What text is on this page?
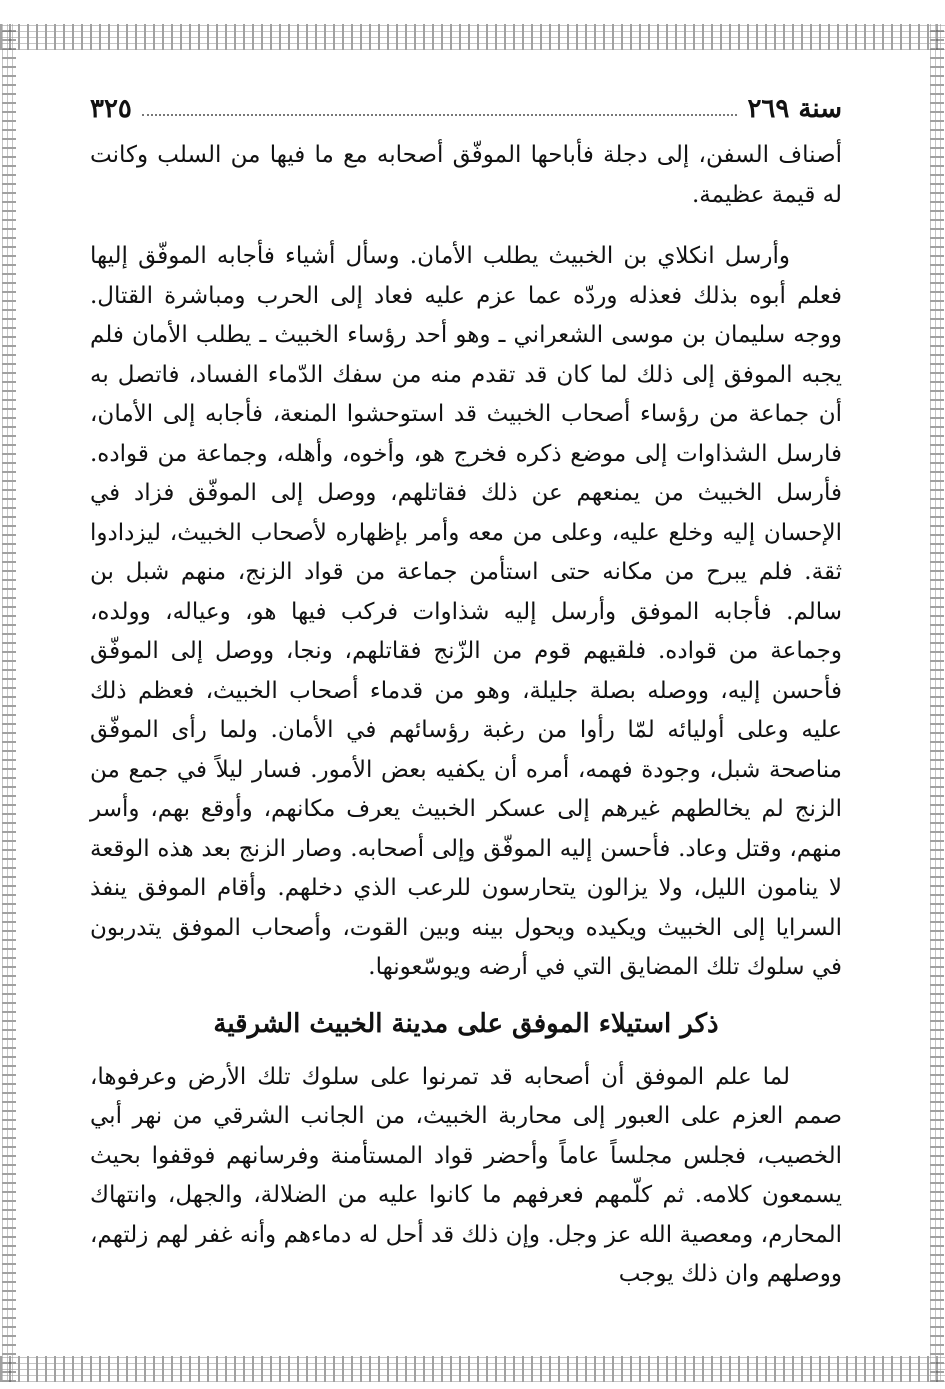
سنة ٢٦٩
٣٢٥

أصناف السفن، إلى دجلة فأباحها الموفّق أصحابه مع ما فيها من السلب وكانت له قيمة عظيمة.

وأرسل انكلاي بن الخبيث يطلب الأمان. وسأل أشياء فأجابه الموفّق إليها فعلم أبوه بذلك فعذله وردّه عما عزم عليه فعاد إلى الحرب ومباشرة القتال. ووجه سليمان بن موسى الشعراني ـ وهو أحد رؤساء الخبيث ـ يطلب الأمان فلم يجبه الموفق إلى ذلك لما كان قد تقدم منه من سفك الدّماء الفساد، فاتصل به أن جماعة من رؤساء أصحاب الخبيث قد استوحشوا المنعة، فأجابه إلى الأمان، فارسل الشذاوات إلى موضع ذكره فخرج هو، وأخوه، وأهله، وجماعة من قواده. فأرسل الخبيث من يمنعهم عن ذلك فقاتلهم، ووصل إلى الموفّق فزاد في الإحسان إليه وخلع عليه، وعلى من معه وأمر بإظهاره لأصحاب الخبيث، ليزدادوا ثقة. فلم يبرح من مكانه حتى استأمن جماعة من قواد الزنج، منهم شبل بن سالم. فأجابه الموفق وأرسل إليه شذاوات فركب فيها هو، وعياله، وولده، وجماعة من قواده. فلقيهم قوم من الزّنج فقاتلهم، ونجا، ووصل إلى الموفّق فأحسن إليه، ووصله بصلة جليلة، وهو من قدماء أصحاب الخبيث، فعظم ذلك عليه وعلى أوليائه لمّا رأوا من رغبة رؤسائهم في الأمان. ولما رأى الموفّق مناصحة شبل، وجودة فهمه، أمره أن يكفيه بعض الأمور. فسار ليلاً في جمع من الزنج لم يخالطهم غيرهم إلى عسكر الخبيث يعرف مكانهم، وأوقع بهم، وأسر منهم، وقتل وعاد. فأحسن إليه الموفّق وإلى أصحابه. وصار الزنج بعد هذه الوقعة لا ينامون الليل، ولا يزالون يتحارسون للرعب الذي دخلهم. وأقام الموفق ينفذ السرايا إلى الخبيث ويكيده ويحول بينه وبين القوت، وأصحاب الموفق يتدربون في سلوك تلك المضايق التي في أرضه ويوسّعونها.

ذكر استيلاء الموفق على مدينة الخبيث الشرقية

لما علم الموفق أن أصحابه قد تمرنوا على سلوك تلك الأرض وعرفوها، صمم العزم على العبور إلى محاربة الخبيث، من الجانب الشرقي من نهر أبي الخصيب، فجلس مجلساً عاماً وأحضر قواد المستأمنة وفرسانهم فوقفوا بحيث يسمعون كلامه. ثم كلّمهم فعرفهم ما كانوا عليه من الضلالة، والجهل، وانتهاك المحارم، ومعصية الله عز وجل. وإن ذلك قد أحل له دماءهم وأنه غفر لهم زلتهم، ووصلهم وان ذلك يوجب
